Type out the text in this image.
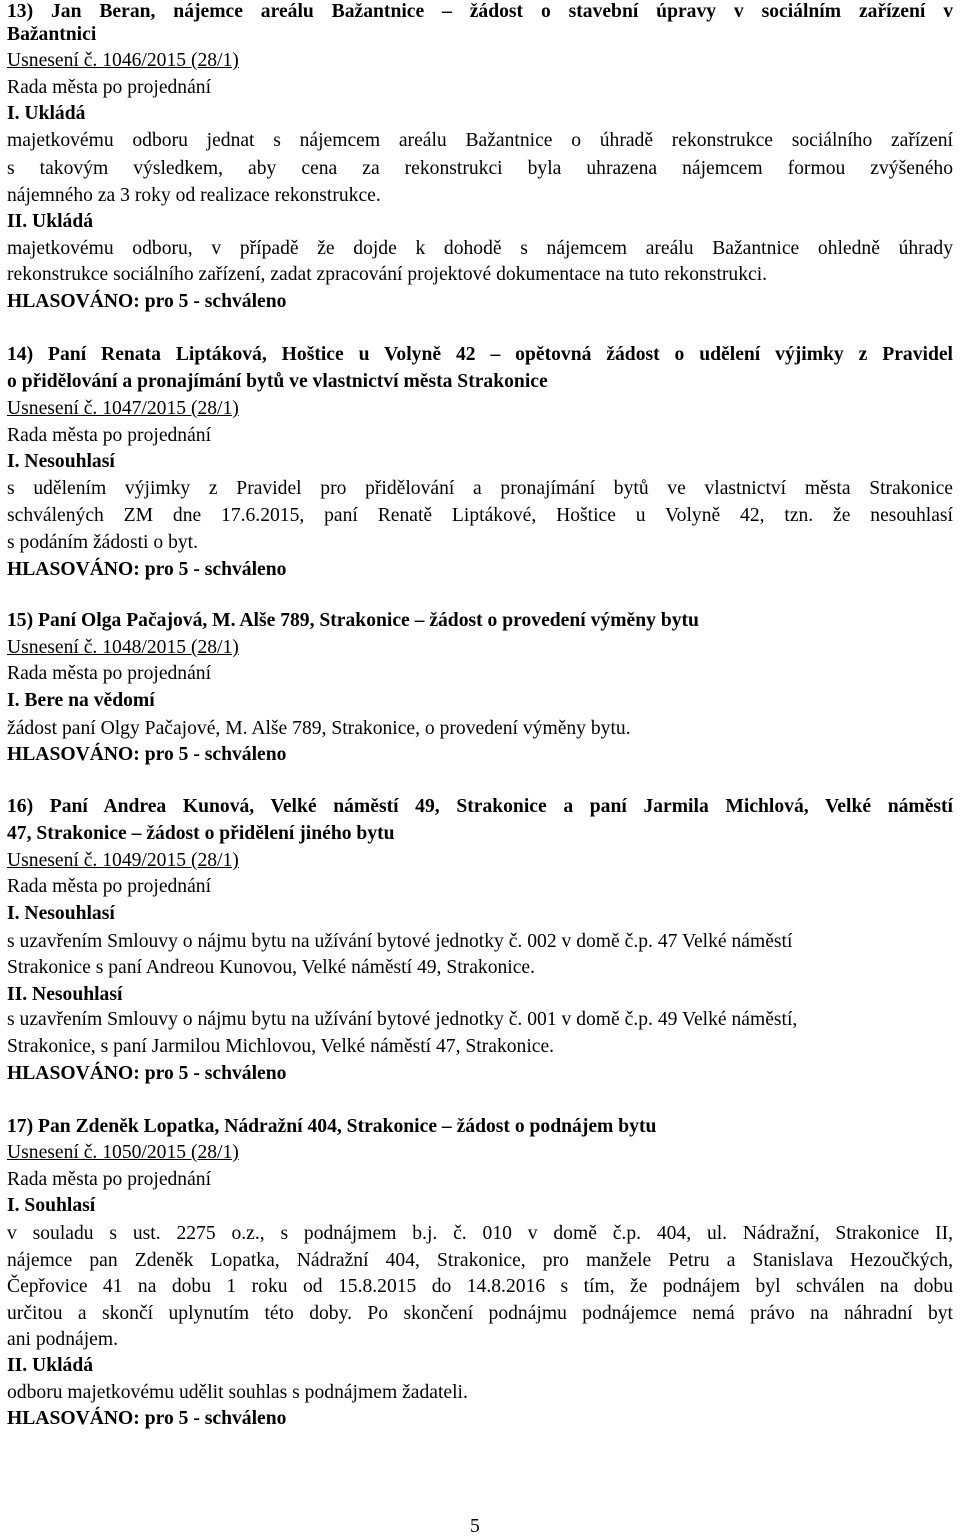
13) Jan Beran, nájemce areálu Bažantnice – žádost o stavební úpravy v sociálním zařízení v
Bažantnici
Usnesení č. 1046/2015 (28/1)
Rada města po projednání
I. Ukládá
majetkovému odboru jednat s nájemcem areálu Bažantnice o úhradě rekonstrukce sociálního zařízení
s takovým výsledkem, aby cena za rekonstrukci byla uhrazena nájemcem formou zvýšeného
nájemného za 3 roky od realizace rekonstrukce.
II. Ukládá
majetkovému odboru, v případě že dojde k dohodě s nájemcem areálu Bažantnice ohledně úhrady
rekonstrukce sociálního zařízení, zadat zpracování projektové dokumentace na tuto rekonstrukci.
HLASOVÁNO: pro 5 - schváleno
14) Paní Renata Liptáková, Hoštice u Volyně 42 – opětovná žádost o udělení výjimky z Pravidel
o přidělování a pronajímání bytů ve vlastnictví města Strakonice
Usnesení č. 1047/2015 (28/1)
Rada města po projednání
I. Nesouhlasí
s udělením výjimky z Pravidel pro přidělování a pronajímání bytů ve vlastnictví města Strakonice
schválených ZM dne 17.6.2015, paní Renatě Liptákové, Hoštice u Volyně 42, tzn. že nesouhlasí
s podáním žádosti o byt.
HLASOVÁNO: pro 5 - schváleno
15) Paní Olga Pačajová, M. Alše 789, Strakonice – žádost o provedení výměny bytu
Usnesení č. 1048/2015 (28/1)
Rada města po projednání
I. Bere na vědomí
žádost paní Olgy Pačajové, M. Alše 789, Strakonice, o provedení výměny bytu.
HLASOVÁNO: pro 5 - schváleno
16) Paní Andrea Kunová, Velké náměstí 49, Strakonice a paní Jarmila Michlová, Velké náměstí
47, Strakonice – žádost o přidělení jiného bytu
Usnesení č. 1049/2015 (28/1)
Rada města po projednání
I. Nesouhlasí
s uzavřením Smlouvy o nájmu bytu na užívání bytové jednotky č. 002 v domě č.p. 47 Velké náměstí
Strakonice s paní Andreou Kunovou, Velké náměstí 49, Strakonice.
II. Nesouhlasí
s uzavřením Smlouvy o nájmu bytu na užívání bytové jednotky č. 001 v domě č.p. 49 Velké náměstí,
Strakonice, s paní Jarmilou Michlovou, Velké náměstí 47, Strakonice.
HLASOVÁNO: pro 5 - schváleno
17) Pan Zdeněk Lopatka, Nádražní 404, Strakonice – žádost o podnájem bytu
Usnesení č. 1050/2015 (28/1)
Rada města po projednání
I. Souhlasí
v souladu s ust. 2275 o.z., s podnájmem b.j. č. 010 v domě č.p. 404, ul. Nádražní, Strakonice II,
nájemce pan Zdeněk Lopatka, Nádražní 404, Strakonice, pro manžele Petru a Stanislava Hezoučkých,
Čepřovice 41 na dobu 1 roku od 15.8.2015 do 14.8.2016 s tím, že podnájem byl schválen na dobu
určitou a skončí uplynutím této doby. Po skončení podnájmu podnájemce nemá právo na náhradní byt
ani podnájem.
II. Ukládá
odboru majetkovému udělit souhlas s podnájmem žadateli.
HLASOVÁNO: pro 5 - schváleno
5
